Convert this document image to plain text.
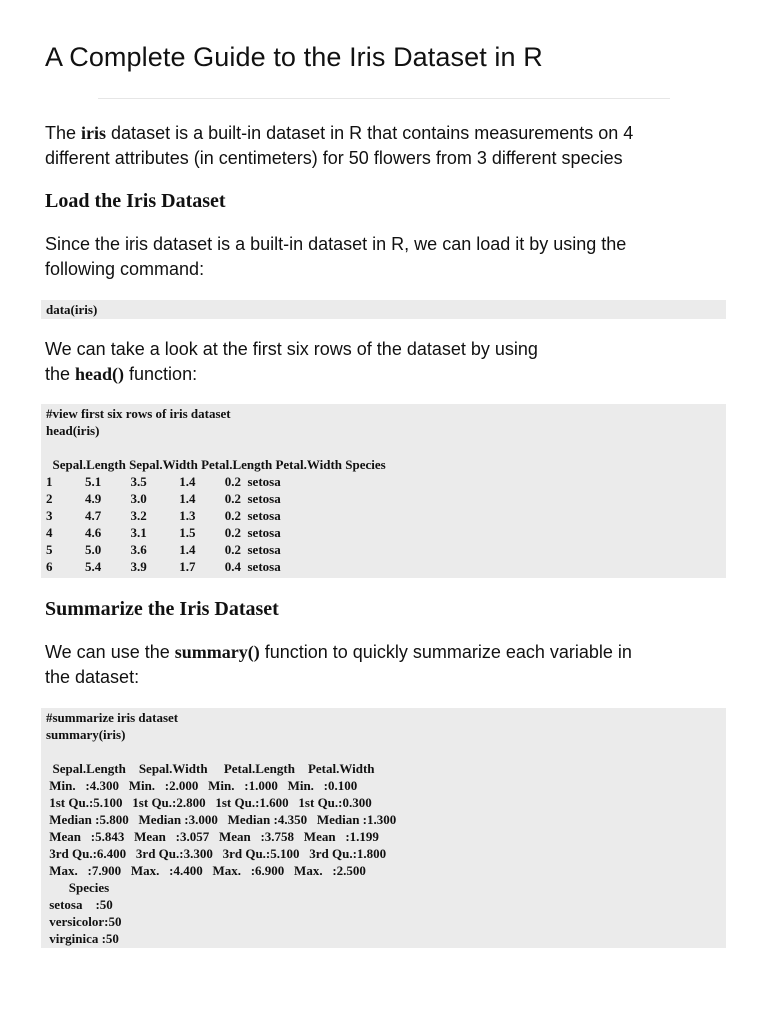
A Complete Guide to the Iris Dataset in R

The iris dataset is a built-in dataset in R that contains measurements on 4
different attributes (in centimeters) for 50 flowers from 3 different species

Load the Iris Dataset

Since the iris dataset is a built-in dataset in R, we can load it by using the
following command:

data(iris)

We can take a look at the first six rows of the dataset by using
the head() function:

#view first six rows of iris dataset
head(iris)

Sepal.Length Sepal.Width Petal.Length Petal.Width Species
1          5.1         3.5          1.4         0.2  setosa
2          4.9         3.0          1.4         0.2  setosa
3          4.7         3.2          1.3         0.2  setosa
4          4.6         3.1          1.5         0.2  setosa
5          5.0         3.6          1.4         0.2  setosa
6          5.4         3.9          1.7         0.4  setosa
Summarize the Iris Dataset

We can use the summary() function to quickly summarize each variable in
the dataset:

#summarize iris dataset
summary(iris)

Sepal.Length    Sepal.Width     Petal.Length    Petal.Width
Min.   :4.300   Min.   :2.000   Min.   :1.000   Min.   :0.100
1st Qu.:5.100   1st Qu.:2.800   1st Qu.:1.600   1st Qu.:0.300
Median :5.800   Median :3.000   Median :4.350   Median :1.300
Mean   :5.843   Mean   :3.057   Mean   :3.758   Mean   :1.199
3rd Qu.:6.400   3rd Qu.:3.300   3rd Qu.:5.100   3rd Qu.:1.800
Max.   :7.900   Max.   :4.400   Max.   :6.900   Max.   :2.500
Species
setosa    :50
versicolor:50
virginica :50
